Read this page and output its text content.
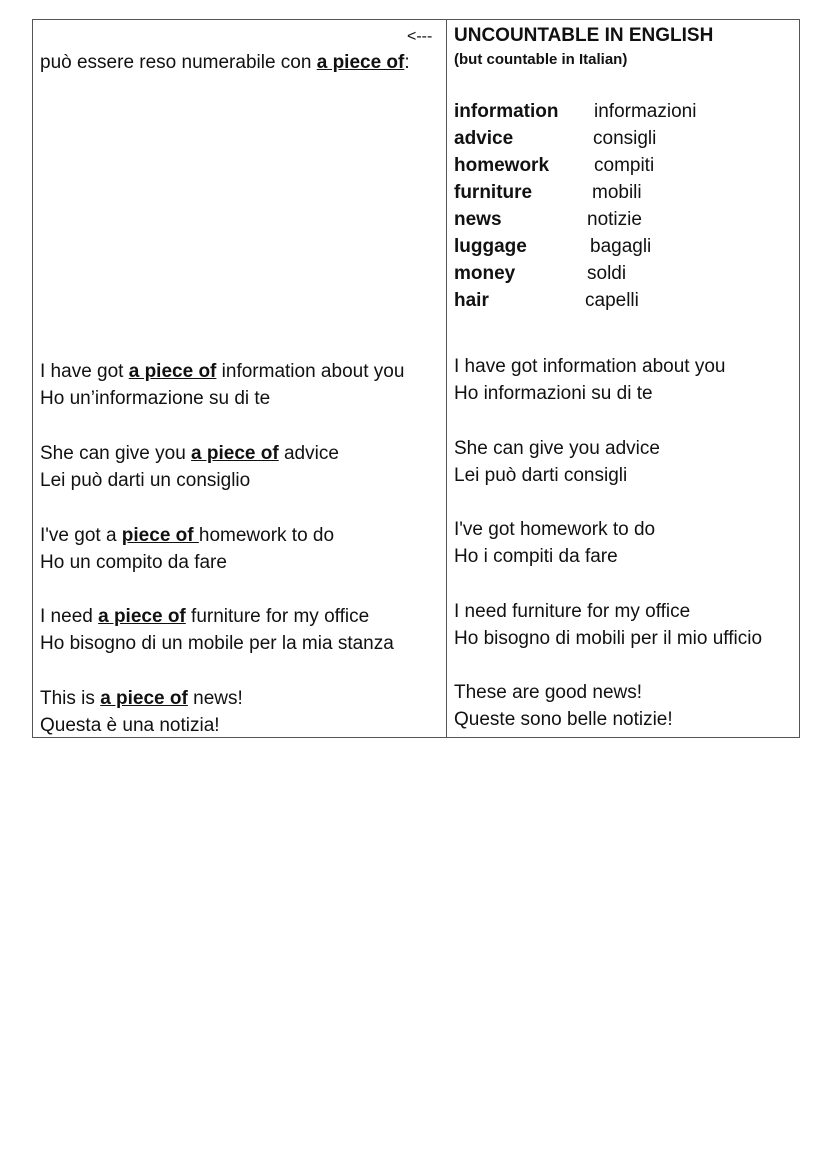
<---
può essere reso numerabile con a piece of:
UNCOUNTABLE IN ENGLISH
(but countable in Italian)
information informazioni
advice	consigli
homework compiti
furniture	mobili
news	notizie
luggage	bagagli
money	soldi
hair	capelli
I have got a piece of information about you
Ho un’informazione su di te
She can give you a piece of advice
Lei può darti un consiglio
I've got a piece of homework to do
Ho un compito da fare
I need a piece of furniture for my office
Ho bisogno di un mobile per la mia stanza
This is a piece of news!
Questa è una notizia!
I have got information about you
Ho informazioni su di te
She can give you advice
Lei può darti consigli
I've got homework to do
Ho i compiti da fare
I need furniture for my office
Ho bisogno di mobili per il mio ufficio
These are good news!
Queste sono belle notizie!
